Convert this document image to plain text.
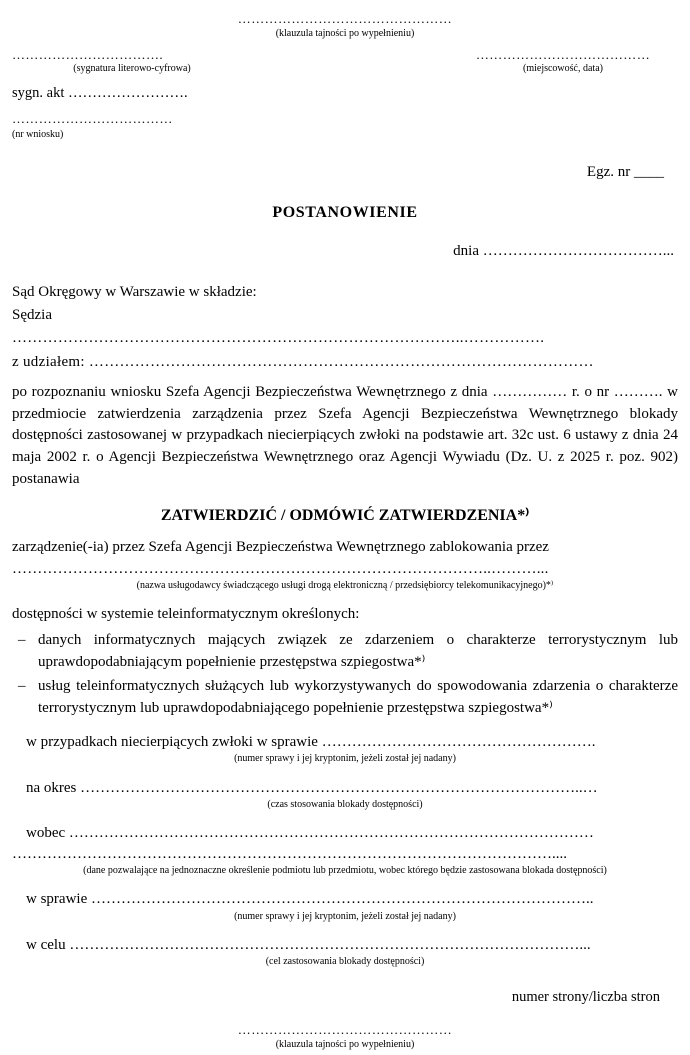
…………………………………………
(klauzula tajności po wypełnieniu)
…………………………….
(sygnatura literowo-cyfrowa)
sygn. akt …………………….
………………………………
(nr wniosku)
…………………………………
(miejscowość, data)
Egz. nr ____
POSTANOWIENIE
dnia ………………………………...

Sąd Okręgowy w Warszawie w składzie:

Sędzia

……………………………………………………………………………..…………….

z udziałem: ………………………………………………………………………………………

po rozpoznaniu wniosku Szefa Agencji Bezpieczeństwa Wewnętrznego z dnia …………… r. o nr ………. w przedmiocie zatwierdzenia zarządzenia przez Szefa Agencji Bezpieczeństwa Wewnętrznego blokady dostępności zastosowanej w przypadkach niecierpiących zwłoki na podstawie art. 32c ust. 6 ustawy z dnia 24 maja 2002 r. o Agencji Bezpieczeństwa Wewnętrznego oraz Agencji Wywiadu (Dz. U. z 2025 r. poz. 902) postanawia
ZATWIERDZIĆ / ODMÓWIĆ ZATWIERDZENIA*⁾
zarządzenie(-ia) przez Szefa Agencji Bezpieczeństwa Wewnętrznego zablokowania przez
…………………………………………………………………………………..………...
(nazwa usługodawcy świadczącego usługi drogą elektroniczną / przedsiębiorcy telekomunikacyjnego)*⁾
dostępności w systemie teleinformatycznym określonych:
– danych informatycznych mających związek ze zdarzeniem o charakterze terrorystycznym lub uprawdopodabniającym popełnienie przestępstwa szpiegostwa*⁾
– usług teleinformatycznych służących lub wykorzystywanych do spowodowania zdarzenia o charakterze terrorystycznym lub uprawdopodabniającego popełnienie przestępstwa szpiegostwa*⁾
w przypadkach niecierpiących zwłoki w sprawie ……………………………………………….
(numer sprawy i jej kryptonim, jeżeli został jej nadany)
na okres ………………………………………………………………………………………..…
(czas stosowania blokady dostępności)
wobec ……………………………………………………………………………………………
………………………………………………………………………………………………....
(dane pozwalające na jednoznaczne określenie podmiotu lub przedmiotu, wobec którego będzie zastosowana blokada dostępności)
w sprawie ………………………………………………………………………………………..
(numer sprawy i jej kryptonim, jeżeli został jej nadany)
w celu …………………………………………………………………………………………...
(cel zastosowania blokady dostępności)
numer strony/liczba stron
…………………………………………
(klauzula tajności po wypełnieniu)
